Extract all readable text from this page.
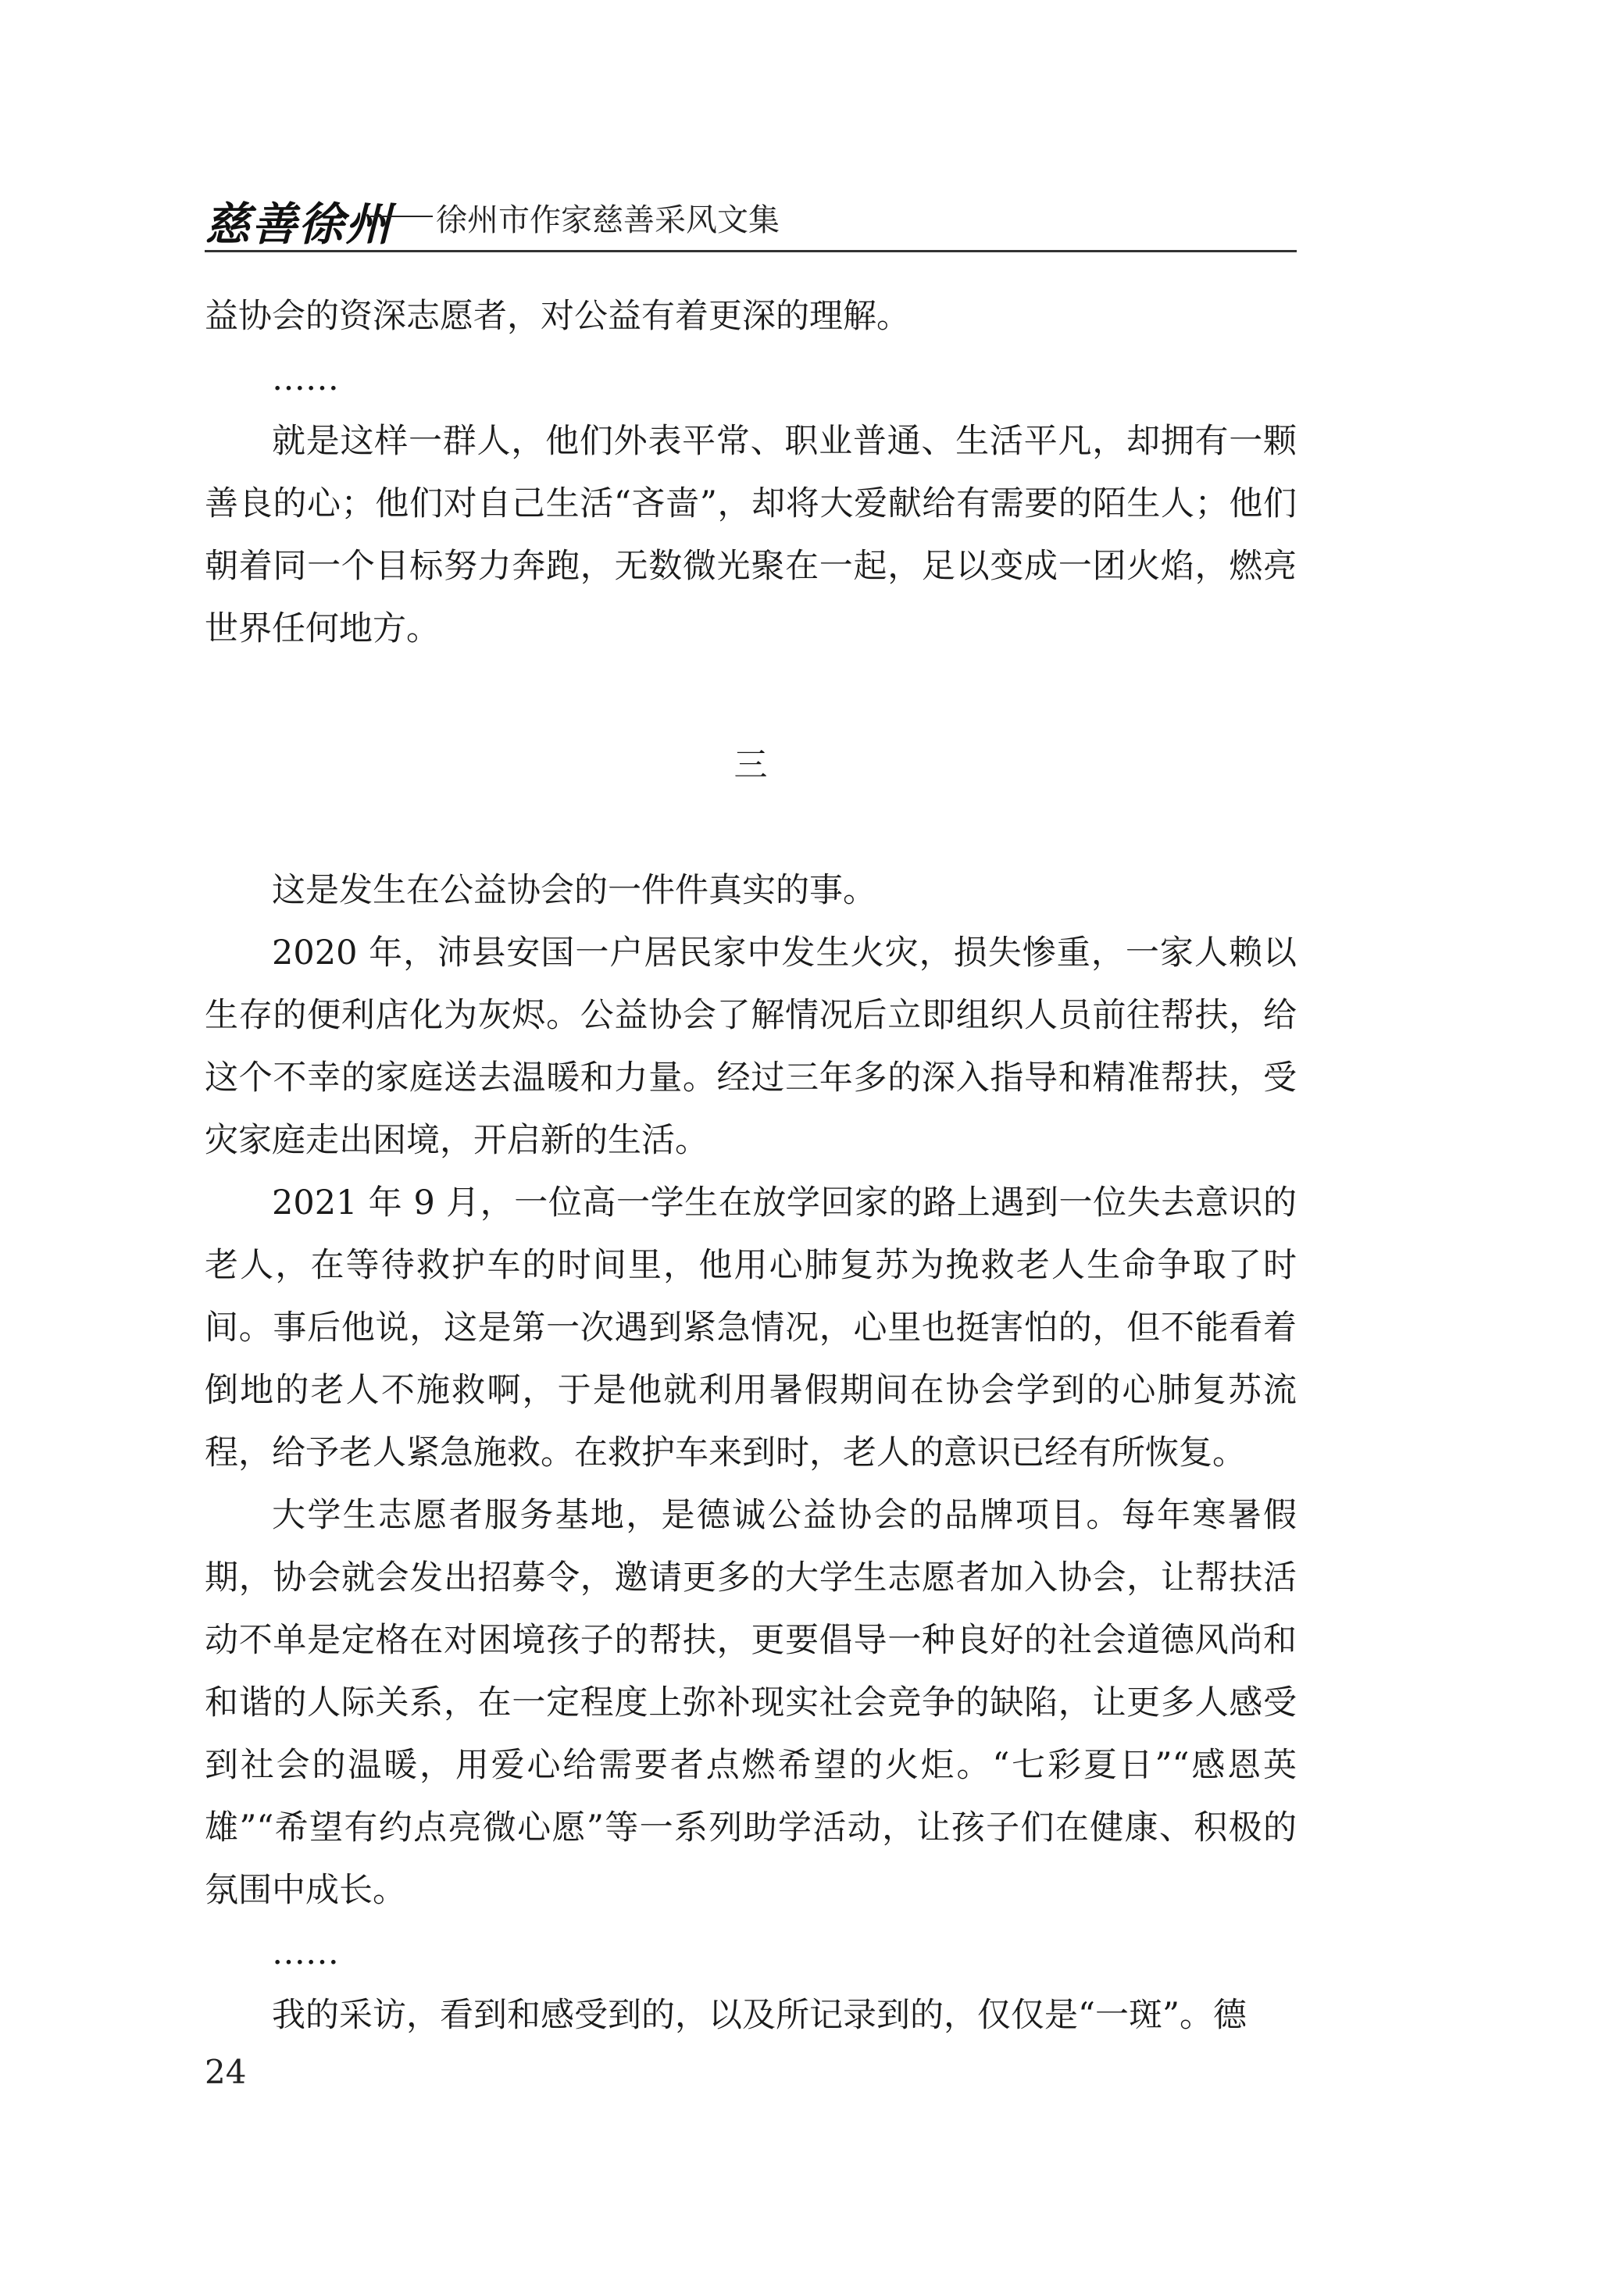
慈善徐州 徐州市作家慈善采风文集

益协会的资深志愿者，对公益有着更深的理解。

……

就是这样一群人，他们外表平常、职业普通、生活平凡，却拥有一颗善良的心；他们对自己生活“吝啬”，却将大爱献给有需要的陌生人；他们朝着同一个目标努力奔跑，无数微光聚在一起，足以变成一团火焰，燃亮世界任何地方。

三

这是发生在公益协会的一件件真实的事。

2020 年，沛县安国一户居民家中发生火灾，损失惨重，一家人赖以生存的便利店化为灰烬。公益协会了解情况后立即组织人员前往帮扶，给这个不幸的家庭送去温暖和力量。经过三年多的深入指导和精准帮扶，受灾家庭走出困境，开启新的生活。

2021 年 9 月，一位高一学生在放学回家的路上遇到一位失去意识的老人，在等待救护车的时间里，他用心肺复苏为挽救老人生命争取了时间。事后他说，这是第一次遇到紧急情况，心里也挺害怕的，但不能看着倒地的老人不施救啊，于是他就利用暑假期间在协会学到的心肺复苏流程，给予老人紧急施救。在救护车来到时，老人的意识已经有所恢复。

大学生志愿者服务基地，是德诚公益协会的品牌项目。每年寒暑假期，协会就会发出招募令，邀请更多的大学生志愿者加入协会，让帮扶活动不单是定格在对困境孩子的帮扶，更要倡导一种良好的社会道德风尚和和谐的人际关系，在一定程度上弥补现实社会竞争的缺陷，让更多人感受到社会的温暖，用爱心给需要者点燃希望的火炬。“七彩夏日”“感恩英雄”“希望有约点亮微心愿”等一系列助学活动，让孩子们在健康、积极的氛围中成长。

……

我的采访，看到和感受到的，以及所记录到的，仅仅是“一斑”。德

24
